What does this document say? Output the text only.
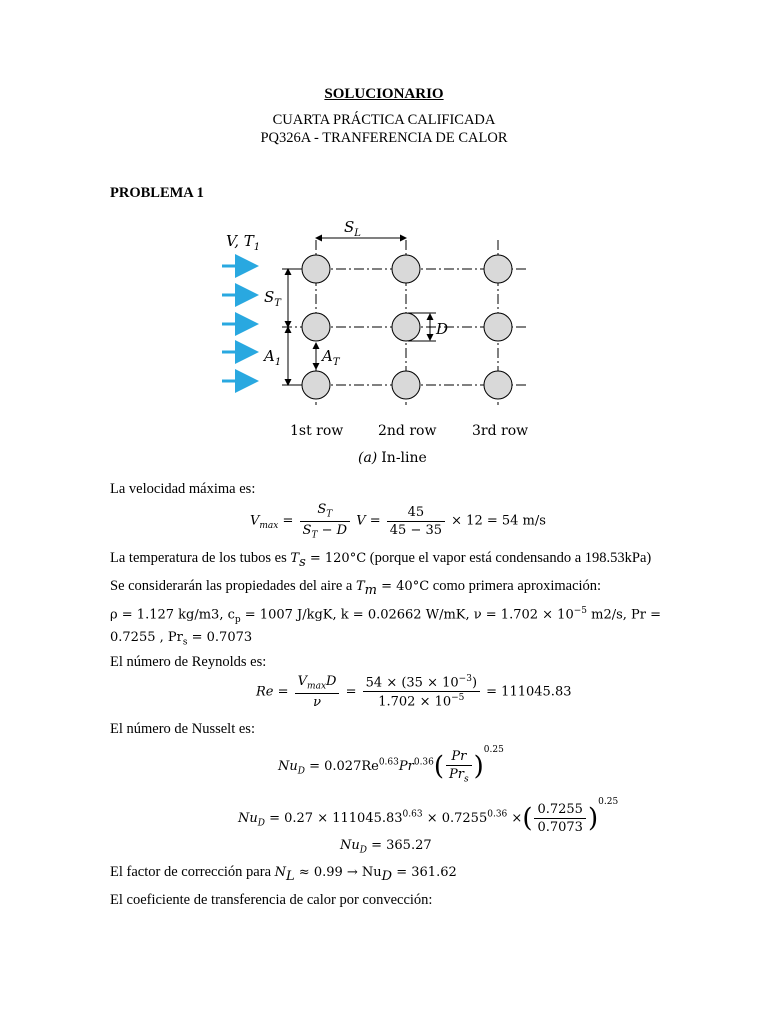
SOLUCIONARIO
CUARTA PRÁCTICA CALIFICADA
PQ326A - TRANFERENCIA DE CALOR
PROBLEMA 1
V, $T_1$
$S_L$
$S_T$
D
$A_1$	$A_T$
1st row 2nd row	3rd row
(a) In-line
La velocidad máxima es:
$V_{max} = \frac{S_T}{S_T - D}$ $V = \frac{45}{45 - 35} \times 12 = 54$ m/s
La temperatura de los tubos es $T_s = 120^\circ C$ (porque el vapor está condensando a 198.53kPa)
Se considerarán las propiedades del aire a $T_m = 40^\circ C$ como primera aproximación:
ρ = 1.127 kg/m3, $c_p = 1007$ J/kgK, k = 0.02662 W/mK, $\nu = 1.702 \times 10^{-5}$ m2/s, Pr =
0.7255 , $Pr_s = 0.7073$
El número de Reynolds es:
$Re = \frac{V_{max}D}{\nu} = \frac{54 \times (35 \times 10^{-3})}{1.702 \times 10^{-5}} = 111045.83$
El número de Nusselt es:
$Nu_D = 0.027Re^{0.63}Pr^{0.36}( \frac{Pr}{Pr_s} )^{0.25}$
$Nu_D = 0.27 \times 111045.83^{0.63} \times 0.7255^{0.36}$ ×( $\frac{0.7255}{0.7073} )^{0.25}$
$Nu_D = 365.27$
El factor de corrección para $N_L \approx 0.99 \to Nu_D = 361.62$
El coeficiente de transferencia de calor por convección:
